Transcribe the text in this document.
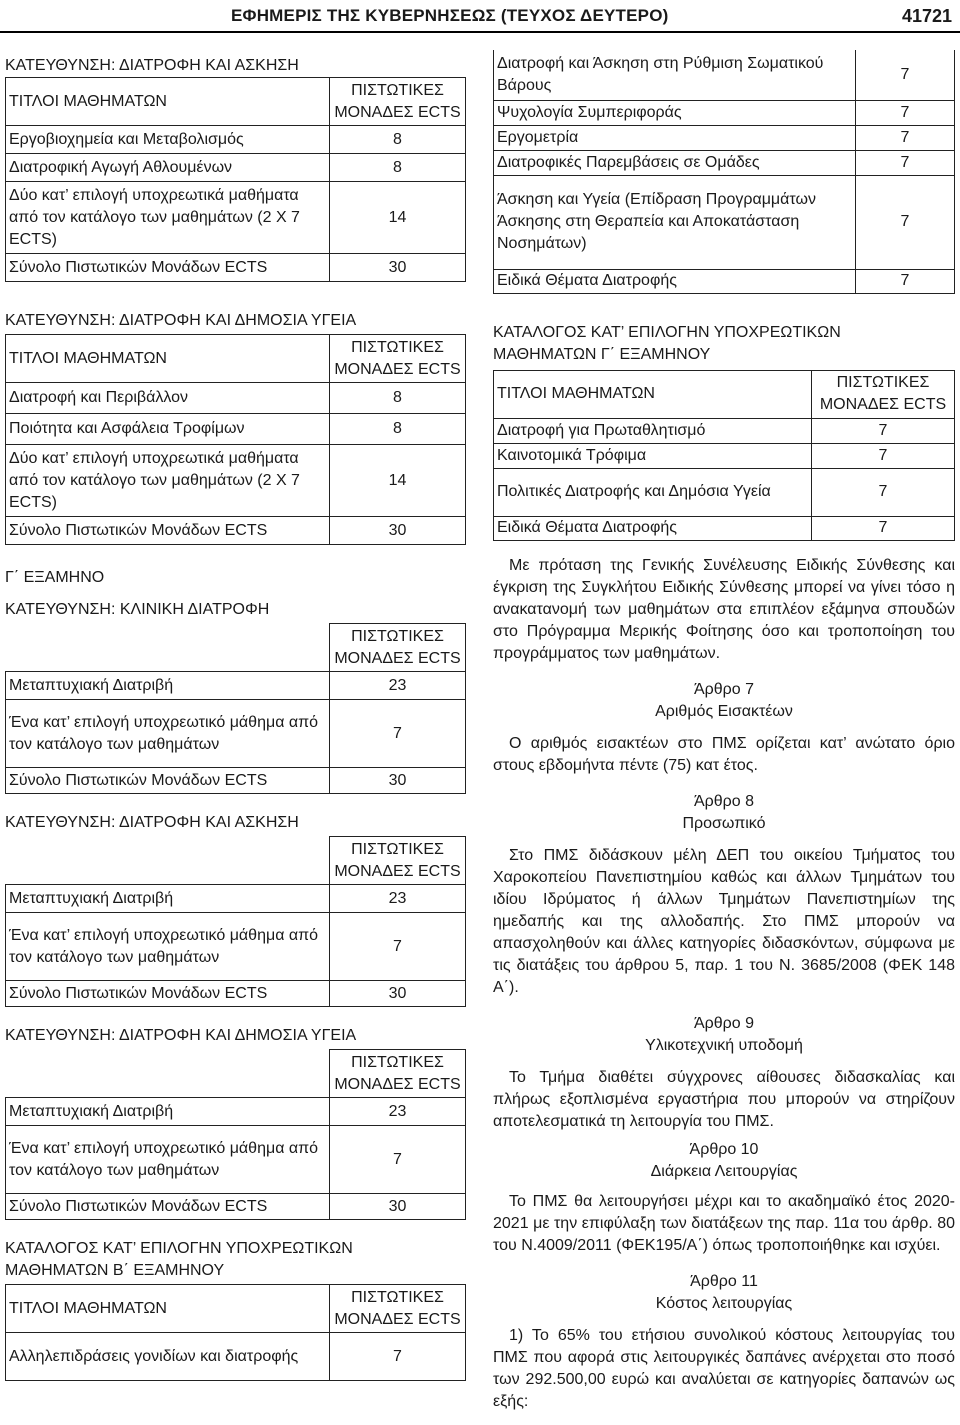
ΕΦΗΜΕΡΙΣ ΤΗΣ ΚΥΒΕΡΝΗΣΕΩΣ (ΤΕΥΧΟΣ ΔΕΥΤΕΡΟ)	41721

ΚΑΤΕΥΘΥΝΣΗ: ΔΙΑΤΡΟΦΗ ΚΑΙ ΑΣΚΗΣΗ

ΤΙΤΛΟΙ ΜΑΘΗΜΑΤΩΝ	ΠΙΣΤΩΤΙΚΕΣ
ΜΟΝΑΔΕΣ ECTS
Εργοβιοχημεία και Μεταβολισμός	8
Διατροφική Αγωγή Αθλουμένων	8
Δύο κατ’ επιλογή υποχρεωτικά μαθήματα από τον κατάλογο των μαθημάτων (2 Χ 7 ECTS)	14
Σύνολο Πιστωτικών Μονάδων ECTS	30

ΚΑΤΕΥΘΥΝΣΗ: ΔΙΑΤΡΟΦΗ ΚΑΙ ΔΗΜΟΣΙΑ ΥΓΕΙΑ

ΤΙΤΛΟΙ ΜΑΘΗΜΑΤΩΝ	ΠΙΣΤΩΤΙΚΕΣ
ΜΟΝΑΔΕΣ ECTS
Διατροφή και Περιβάλλον	8
Ποιότητα και Ασφάλεια Τροφίμων	8
Δύο κατ’ επιλογή υποχρεωτικά μαθήματα από τον κατάλογο των μαθημάτων (2 Χ 7 ECTS)	14
Σύνολο Πιστωτικών Μονάδων ECTS	30

Γ΄ ΕΞΑΜΗΝΟ

ΚΑΤΕΥΘΥΝΣΗ: ΚΛΙΝΙΚΗ ΔΙΑΤΡΟΦΗ

	ΠΙΣΤΩΤΙΚΕΣ
ΜΟΝΑΔΕΣ ECTS
Μεταπτυχιακή Διατριβή	23
Ένα κατ’ επιλογή υποχρεωτικό μάθημα από τον κατάλογο των μαθημάτων	7
Σύνολο Πιστωτικών Μονάδων ECTS	30

ΚΑΤΕΥΘΥΝΣΗ: ΔΙΑΤΡΟΦΗ ΚΑΙ ΑΣΚΗΣΗ

	ΠΙΣΤΩΤΙΚΕΣ
ΜΟΝΑΔΕΣ ECTS
Μεταπτυχιακή Διατριβή	23
Ένα κατ’ επιλογή υποχρεωτικό μάθημα από τον κατάλογο των μαθημάτων	7
Σύνολο Πιστωτικών Μονάδων ECTS	30

ΚΑΤΕΥΘΥΝΣΗ: ΔΙΑΤΡΟΦΗ ΚΑΙ ΔΗΜΟΣΙΑ ΥΓΕΙΑ

	ΠΙΣΤΩΤΙΚΕΣ
ΜΟΝΑΔΕΣ ECTS
Μεταπτυχιακή Διατριβή	23
Ένα κατ’ επιλογή υποχρεωτικό μάθημα από τον κατάλογο των μαθημάτων	7
Σύνολο Πιστωτικών Μονάδων ECTS	30

ΚΑΤΑΛΟΓΟΣ ΚΑΤ’ ΕΠΙΛΟΓΗΝ ΥΠΟΧΡΕΩΤΙΚΩΝ ΜΑΘΗΜΑΤΩΝ Β΄ ΕΞΑΜΗΝΟΥ

ΤΙΤΛΟΙ ΜΑΘΗΜΑΤΩΝ	ΠΙΣΤΩΤΙΚΕΣ
ΜΟΝΑΔΕΣ ECTS
Αλληλεπιδράσεις γονιδίων και διατροφής	7
Διατροφή και Άσκηση στη Ρύθμιση Σωματικού Βάρους	7
Ψυχολογία Συμπεριφοράς	7
Εργομετρία	7
Διατροφικές Παρεμβάσεις σε Ομάδες	7
Άσκηση και Υγεία (Επίδραση Προγραμμάτων Άσκησης στη Θεραπεία και Αποκατάσταση Νοσημάτων)	7
Ειδικά Θέματα Διατροφής	7

ΚΑΤΑΛΟΓΟΣ ΚΑΤ’ ΕΠΙΛΟΓΗΝ ΥΠΟΧΡΕΩΤΙΚΩΝ ΜΑΘΗΜΑΤΩΝ Γ΄ ΕΞΑΜΗΝΟΥ

ΤΙΤΛΟΙ ΜΑΘΗΜΑΤΩΝ	ΠΙΣΤΩΤΙΚΕΣ
ΜΟΝΑΔΕΣ ECTS
Διατροφή για Πρωταθλητισμό	7
Καινοτομικά Τρόφιμα	7
Πολιτικές Διατροφής και Δημόσια Υγεία	7
Ειδικά Θέματα Διατροφής	7

Με πρόταση της Γενικής Συνέλευσης Ειδικής Σύνθεσης και έγκριση της Συγκλήτου Ειδικής Σύνθεσης μπορεί να γίνει τόσο η ανακατανομή των μαθημάτων στα επιπλέον εξάμηνα σπουδών στο Πρόγραμμα Μερικής Φοίτησης όσο και τροποποίηση του προγράμματος των μαθημάτων.

Άρθρο 7

Αριθμός Εισακτέων

Ο αριθμός εισακτέων στο ΠΜΣ ορίζεται κατ’ ανώτατο όριο στους εβδομήντα πέντε (75) κατ έτος.

Άρθρο 8

Προσωπικό

Στο ΠΜΣ διδάσκουν μέλη ΔΕΠ του οικείου Τμήματος του Χαροκοπείου Πανεπιστημίου καθώς και άλλων Τμημάτων του ιδίου Ιδρύματος ή άλλων Τμημάτων Πανεπιστημίων της ημεδαπής και της αλλοδαπής. Στο ΠΜΣ μπορούν να απασχοληθούν και άλλες κατηγορίες διδασκόντων, σύμφωνα με τις διατάξεις του άρθρου 5, παρ. 1 του Ν. 3685/2008 (ΦΕΚ 148 Α΄).

Άρθρο 9

Υλικοτεχνική υποδομή

Το Τμήμα διαθέτει σύγχρονες αίθουσες διδασκαλίας και πλήρως εξοπλισμένα εργαστήρια που μπορούν να στηρίζουν αποτελεσματικά τη λειτουργία του ΠΜΣ.

Άρθρο 10

Διάρκεια Λειτουργίας

Το ΠΜΣ θα λειτουργήσει μέχρι και το ακαδημαϊκό έτος 2020-2021 με την επιφύλαξη των διατάξεων της παρ. 11α του άρθρ. 80 του Ν.4009/2011 (ΦΕΚ195/Α΄) όπως τροποποιήθηκε και ισχύει.

Άρθρο 11

Κόστος λειτουργίας

1) Το 65% του ετήσιου συνολικού κόστους λειτουργίας του ΠΜΣ που αφορά στις λειτουργικές δαπάνες ανέρχεται στο ποσό των 292.500,00 ευρώ και αναλύεται σε κατηγορίες δαπανών ως εξής:
